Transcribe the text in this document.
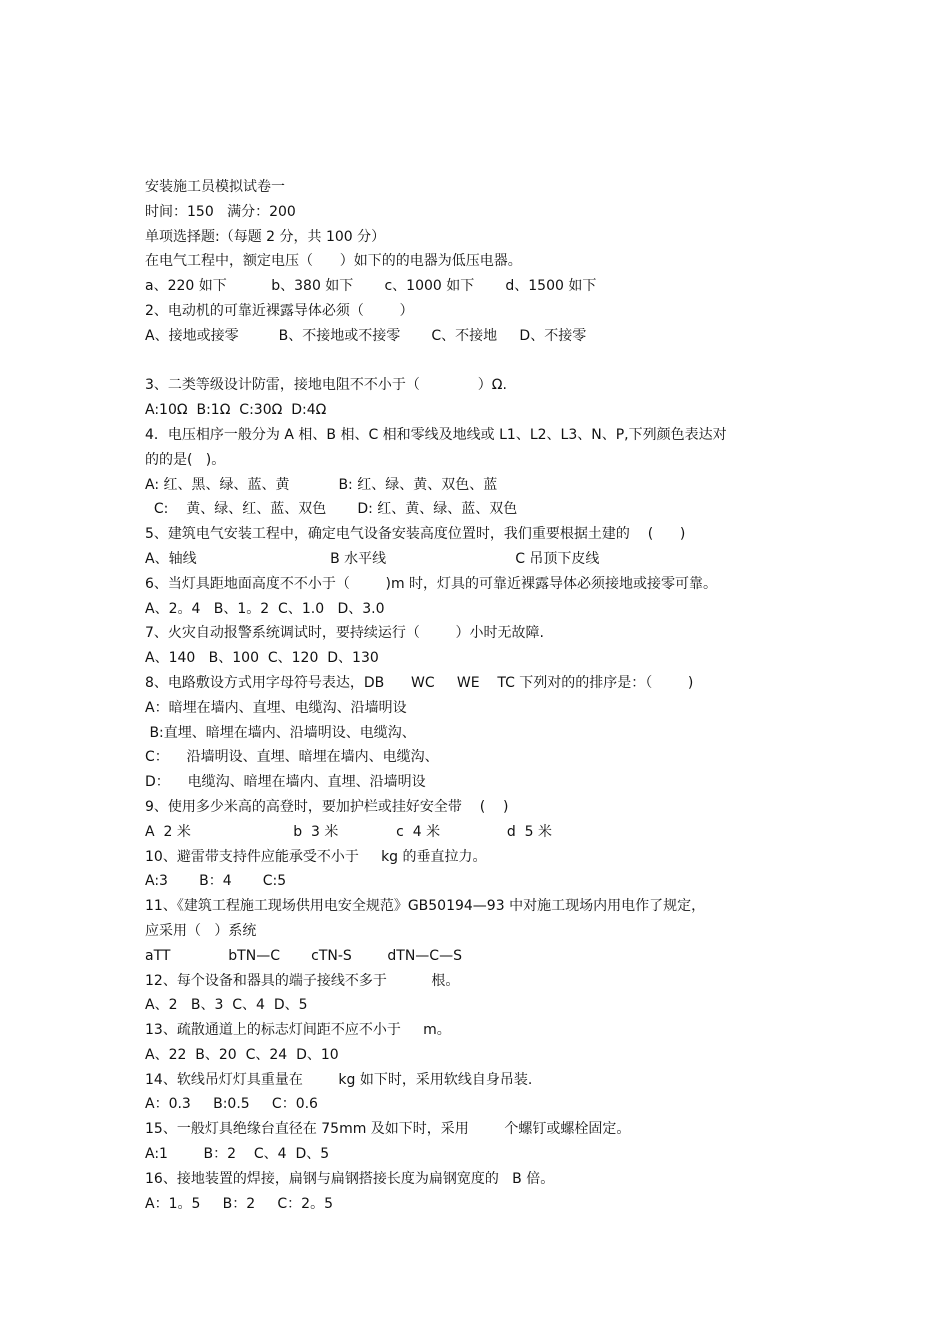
安装施工员模拟试卷一
时间：150   满分：200
单项选择题:（每题 2 分，共 100 分）
在电气工程中，额定电压（      ）如下的的电器为低压电器。
a、220 如下          b、380 如下       c、1000 如下       d、1500 如下
2、电动机的可靠近裸露导体必须（        ）
A、接地或接零         B、不接地或不接零       C、不接地     D、不接零
3、二类等级设计防雷，接地电阻不不小于（             ）Ω.
A:10Ω  B:1Ω  C:30Ω  D:4Ω
4．电压相序一般分为 A 相、B 相、C 相和零线及地线或 L1、L2、L3、N、P,下列颜色表达对
的的是(   )。
A: 红、黑、绿、蓝、黄           B: 红、绿、黄、双色、蓝
C:    黄、绿、红、蓝、双色       D: 红、黄、绿、蓝、双色
5、建筑电气安装工程中，确定电气设备安装高度位置时，我们重要根据土建的    (      )
A、轴线                              B 水平线                             C 吊顶下皮线
6、当灯具距地面高度不不小于（        )m 时，灯具的可靠近裸露导体必须接地或接零可靠。
A、2。4   B、1。2  C、1.0   D、3.0
7、火灾自动报警系统调试时，要持续运行（        ）小时无故障.
A、140   B、100  C、120  D、130
8、电路敷设方式用字母符号表达，DB      WC     WE    TC 下列对的的排序是：（        )
A：暗埋在墙内、直埋、电缆沟、沿墙明设
B:直埋、暗埋在墙内、沿墙明设、电缆沟、
C：    沿墙明设、直埋、暗埋在墙内、电缆沟、
D：    电缆沟、暗埋在墙内、直埋、沿墙明设
9、使用多少米高的高登时，要加护栏或挂好安全带    (    )
A  2 米                       b  3 米             c  4 米               d  5 米
10、避雷带支持件应能承受不小于     kg 的垂直拉力。
A:3       B：4       C:5
11、《建筑工程施工现场供用电安全规范》GB50194—93 中对施工现场内用电作了规定，
应采用（   ）系统
aTT             bTN—C       cTN-S        dTN—C—S
12、每个设备和器具的端子接线不多于          根。
A、2   B、3  C、4  D、5
13、疏散通道上的标志灯间距不应不小于     m。
A、22  B、20  C、24  D、10
14、软线吊灯灯具重量在        kg 如下时，采用软线自身吊装.
A：0.3     B:0.5     C：0.6
15、一般灯具绝缘台直径在 75mm 及如下时，采用        个螺钉或螺栓固定。
A:1        B：2    C、4  D、5
16、接地装置的焊接，扁钢与扁钢搭接长度为扁钢宽度的   B 倍。
A：1。5     B：2     C：2。5
